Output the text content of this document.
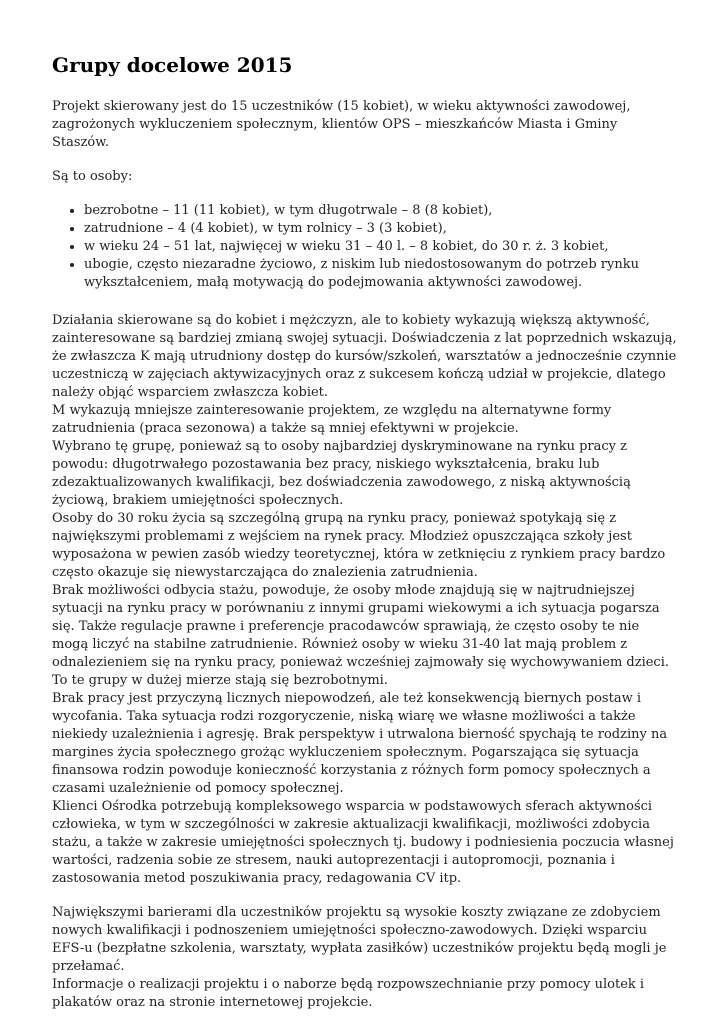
Grupy docelowe 2015

Projekt skierowany jest do 15 uczestników (15 kobiet), w wieku aktywności zawodowej, zagrożonych wykluczeniem społecznym, klientów OPS – mieszkańców Miasta i Gminy Staszów.

Są to osoby:

• bezrobotne – 11 (11 kobiet), w tym długotrwale – 8 (8 kobiet),
• zatrudnione – 4 (4 kobiet), w tym rolnicy – 3 (3 kobiet),
• w wieku 24 – 51 lat, najwięcej w wieku 31 – 40 l. – 8 kobiet, do 30 r. ż. 3 kobiet,
• ubogie, często niezaradne życiowo, z niskim lub niedostosowanym do potrzeb rynku wykształceniem, małą motywacją do podejmowania aktywności zawodowej.

Działania skierowane są do kobiet i mężczyzn, ale to kobiety wykazują większą aktywność, zainteresowane są bardziej zmianą swojej sytuacji. Doświadczenia z lat poprzednich wskazują, że zwłaszcza K mają utrudniony dostęp do kursów/szkoleń, warsztatów a jednocześnie czynnie uczestniczą w zajęciach aktywizacyjnych oraz z sukcesem kończą udział w projekcie, dlatego należy objąć wsparciem zwłaszcza kobiet.
M wykazują mniejsze zainteresowanie projektem, ze względu na alternatywne formy zatrudnienia (praca sezonowa) a także są mniej efektywni w projekcie.
Wybrano tę grupę, ponieważ są to osoby najbardziej dyskryminowane na rynku pracy z powodu: długotrwałego pozostawania bez pracy, niskiego wykształcenia, braku lub zdezaktualizowanych kwalifikacji, bez doświadczenia zawodowego, z niską aktywnością życiową, brakiem umiejętności społecznych.
Osoby do 30 roku życia są szczególną grupą na rynku pracy, ponieważ spotykają się z największymi problemami z wejściem na rynek pracy. Młodzież opuszczająca szkoły jest wyposażona w pewien zasób wiedzy teoretycznej, która w zetknięciu z rynkiem pracy bardzo często okazuje się niewystarczająca do znalezienia zatrudnienia.
Brak możliwości odbycia stażu, powoduje, że osoby młode znajdują się w najtrudniejszej sytuacji na rynku pracy w porównaniu z innymi grupami wiekowymi a ich sytuacja pogarsza się. Także regulacje prawne i preferencje pracodawców sprawiają, że często osoby te nie mogą liczyć na stabilne zatrudnienie. Również osoby w wieku 31-40 lat mają problem z odnalezieniem się na rynku pracy, ponieważ wcześniej zajmowały się wychowywaniem dzieci. To te grupy w dużej mierze stają się bezrobotnymi.
Brak pracy jest przyczyną licznych niepowodzeń, ale też konsekwencją biernych postaw i wycofania. Taka sytuacja rodzi rozgoryczenie, niską wiarę we własne możliwości a także niekiedy uzależnienia i agresję. Brak perspektyw i utrwalona bierność spychają te rodziny na margines życia społecznego grożąc wykluczeniem społecznym. Pogarszająca się sytuacja finansowa rodzin powoduje konieczność korzystania z różnych form pomocy społecznych a czasami uzależnienie od pomocy społecznej.
Klienci Ośrodka potrzebują kompleksowego wsparcia w podstawowych sferach aktywności człowieka, w tym w szczególności w zakresie aktualizacji kwalifikacji, możliwości zdobycia stażu, a także w zakresie umiejętności społecznych tj. budowy i podniesienia poczucia własnej wartości, radzenia sobie ze stresem, nauki autoprezentacji i autopromocji, poznania i zastosowania metod poszukiwania pracy, redagowania CV itp.

Największymi barierami dla uczestników projektu są wysokie koszty związane ze zdobyciem nowych kwalifikacji i podnoszeniem umiejętności społeczno-zawodowych. Dzięki wsparciu EFS-u (bezpłatne szkolenia, warsztaty, wypłata zasiłków) uczestników projektu będą mogli je przełamać.
Informacje o realizacji projektu i o naborze będą rozpowszechnianie przy pomocy ulotek i plakatów oraz na stronie internetowej projekcie.
